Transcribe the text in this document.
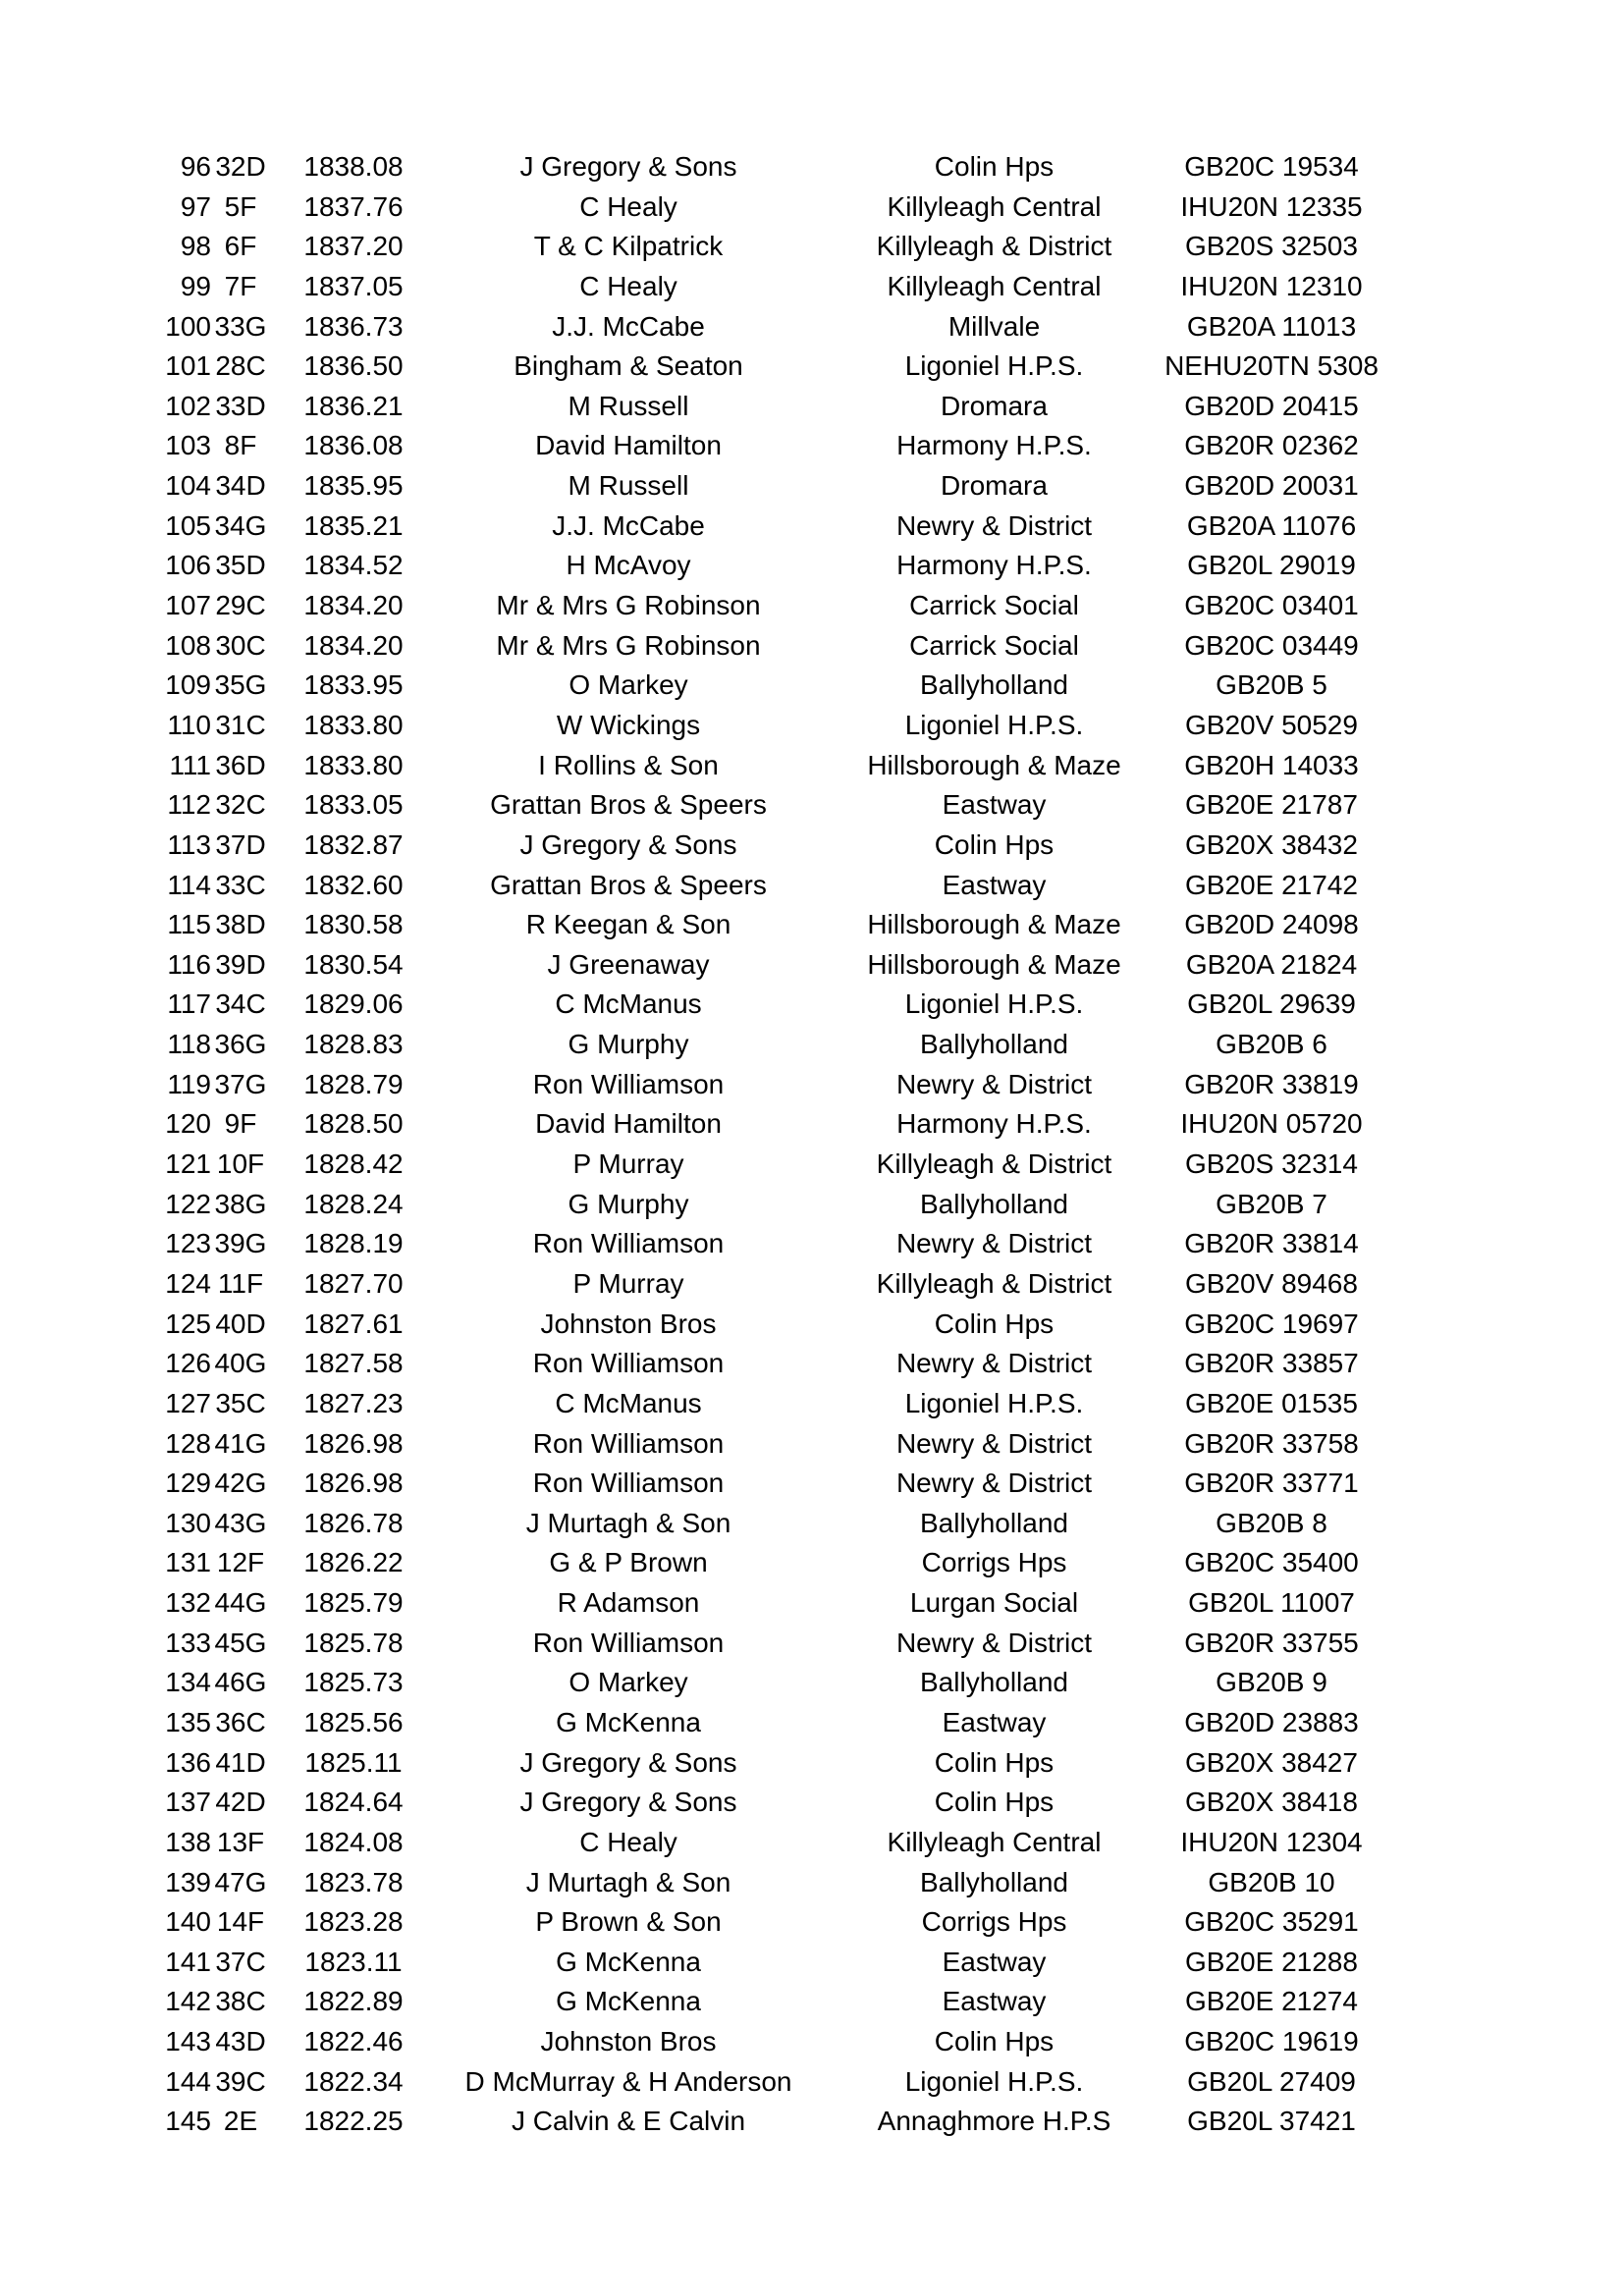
96 32D	1838.08	J Gregory & Sons	Colin Hps	GB20C 19534
97 5F	1837.76	C Healy	Killyleagh Central	IHU20N 12335
98 6F	1837.20	T & C Kilpatrick	Killyleagh & District	GB20S 32503
99 7F	1837.05	C Healy	Killyleagh Central	IHU20N 12310
100 33G	1836.73	J.J. McCabe	Millvale	GB20A 11013
101 28C	1836.50	Bingham & Seaton	Ligoniel H.P.S.	NEHU20TN 5308
102 33D	1836.21	M Russell	Dromara	GB20D 20415
103 8F	1836.08	David Hamilton	Harmony H.P.S.	GB20R 02362
104 34D	1835.95	M Russell	Dromara	GB20D 20031
105 34G	1835.21	J.J. McCabe	Newry & District	GB20A 11076
106 35D	1834.52	H McAvoy	Harmony H.P.S.	GB20L 29019
107 29C	1834.20	Mr & Mrs G Robinson	Carrick Social	GB20C 03401
108 30C	1834.20	Mr & Mrs G Robinson	Carrick Social	GB20C 03449
109 35G	1833.95	O Markey	Ballyholland	GB20B 5
110 31C	1833.80	W Wickings	Ligoniel H.P.S.	GB20V 50529
111 36D	1833.80	I Rollins & Son	Hillsborough & Maze	GB20H 14033
112 32C	1833.05	Grattan Bros & Speers	Eastway	GB20E 21787
113 37D	1832.87	J Gregory & Sons	Colin Hps	GB20X 38432
114 33C	1832.60	Grattan Bros & Speers	Eastway	GB20E 21742
115 38D	1830.58	R Keegan & Son	Hillsborough & Maze	GB20D 24098
116 39D	1830.54	J Greenaway	Hillsborough & Maze	GB20A 21824
117 34C	1829.06	C McManus	Ligoniel H.P.S.	GB20L 29639
118 36G	1828.83	G Murphy	Ballyholland	GB20B 6
119 37G	1828.79	Ron Williamson	Newry & District	GB20R 33819
120 9F	1828.50	David Hamilton	Harmony H.P.S.	IHU20N 05720
121 10F	1828.42	P Murray	Killyleagh & District	GB20S 32314
122 38G	1828.24	G Murphy	Ballyholland	GB20B 7
123 39G	1828.19	Ron Williamson	Newry & District	GB20R 33814
124 11F	1827.70	P Murray	Killyleagh & District	GB20V 89468
125 40D	1827.61	Johnston Bros	Colin Hps	GB20C 19697
126 40G	1827.58	Ron Williamson	Newry & District	GB20R 33857
127 35C	1827.23	C McManus	Ligoniel H.P.S.	GB20E 01535
128 41G	1826.98	Ron Williamson	Newry & District	GB20R 33758
129 42G	1826.98	Ron Williamson	Newry & District	GB20R 33771
130 43G	1826.78	J Murtagh & Son	Ballyholland	GB20B 8
131 12F	1826.22	G & P Brown	Corrigs Hps	GB20C 35400
132 44G	1825.79	R Adamson	Lurgan Social	GB20L 11007
133 45G	1825.78	Ron Williamson	Newry & District	GB20R 33755
134 46G	1825.73	O Markey	Ballyholland	GB20B 9
135 36C	1825.56	G McKenna	Eastway	GB20D 23883
136 41D	1825.11	J Gregory & Sons	Colin Hps	GB20X 38427
137 42D	1824.64	J Gregory & Sons	Colin Hps	GB20X 38418
138 13F	1824.08	C Healy	Killyleagh Central	IHU20N 12304
139 47G	1823.78	J Murtagh & Son	Ballyholland	GB20B 10
140 14F	1823.28	P Brown & Son	Corrigs Hps	GB20C 35291
141 37C	1823.11	G McKenna	Eastway	GB20E 21288
142 38C	1822.89	G McKenna	Eastway	GB20E 21274
143 43D	1822.46	Johnston Bros	Colin Hps	GB20C 19619
144 39C	1822.34	D McMurray & H Anderson	Ligoniel H.P.S.	GB20L 27409
145 2E	1822.25	J Calvin & E Calvin	Annaghmore H.P.S	GB20L 37421
